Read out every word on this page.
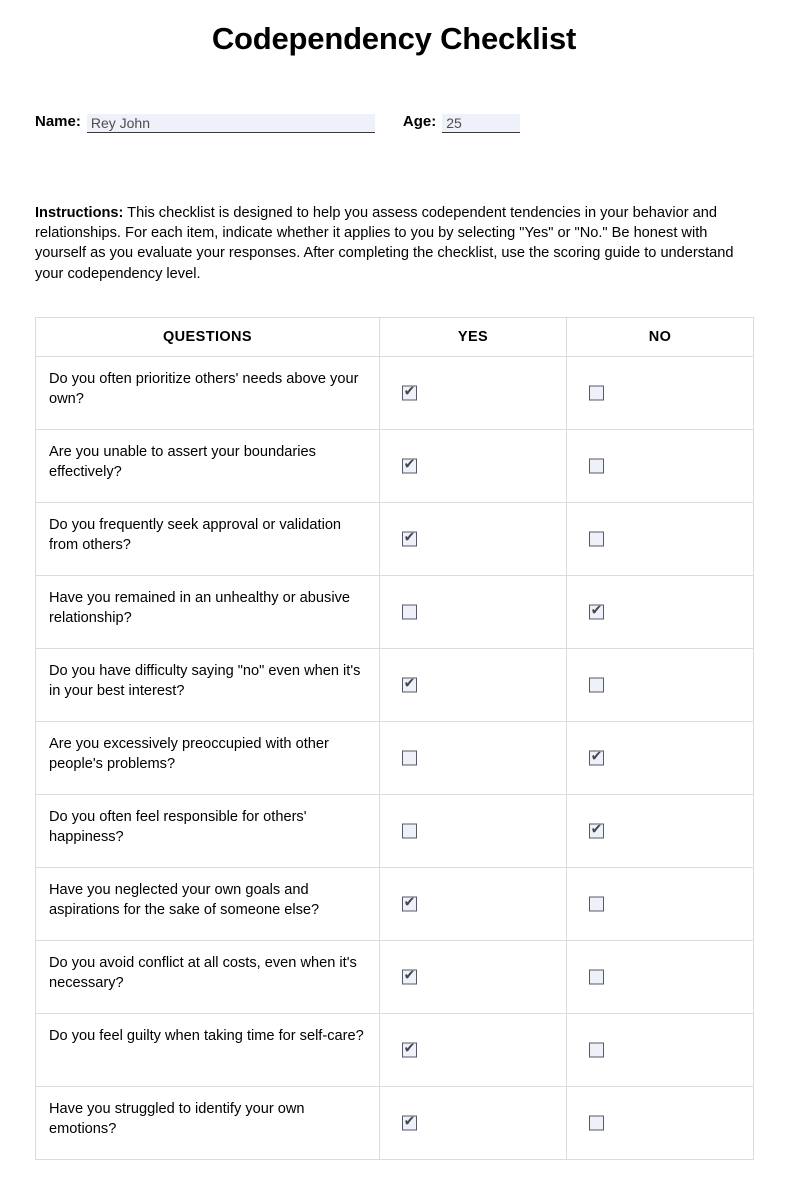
Codependency Checklist
Name: Rey John	Age: 25

Instructions: This checklist is designed to help you assess codependent tendencies in your behavior and relationships. For each item, indicate whether it applies to you by selecting "Yes" or "No." Be honest with yourself as you evaluate your responses. After completing the checklist, use the scoring guide to understand your codependency level.

QUESTIONS	YES	NO
Do you often prioritize others' needs above your own?	✔	

Are you unable to assert your boundaries effectively?	✔	

Do you frequently seek approval or validation from others?	✔	

Have you remained in an unhealthy or abusive relationship?		✔

Do you have difficulty saying "no" even when it's in your best interest?	✔	

Are you excessively preoccupied with other people's problems?		✔

Do you often feel responsible for others' happiness?		✔

Have you neglected your own goals and aspirations for the sake of someone else?	✔	

Do you avoid conflict at all costs, even when it's necessary?	✔	

Do you feel guilty when taking time for self-care?	✔	

Have you struggled to identify your own emotions?	✔	
